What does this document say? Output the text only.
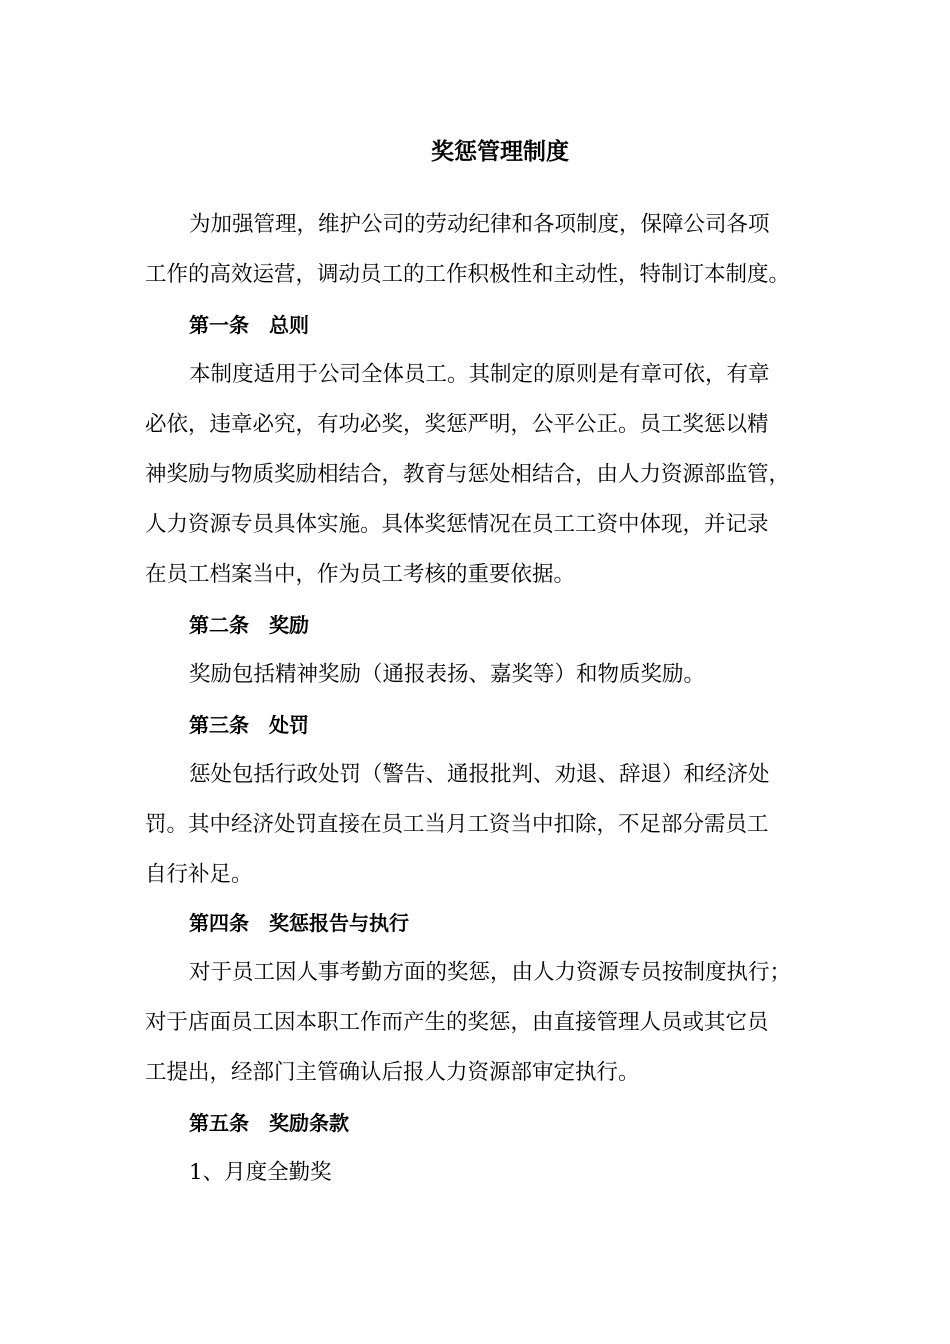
奖惩管理制度
为加强管理，维护公司的劳动纪律和各项制度，保障公司各项
工作的高效运营，调动员工的工作积极性和主动性，特制订本制度。
第一条　总则
本制度适用于公司全体员工。其制定的原则是有章可依，有章
必依，违章必究，有功必奖，奖惩严明，公平公正。员工奖惩以精
神奖励与物质奖励相结合，教育与惩处相结合，由人力资源部监管，
人力资源专员具体实施。具体奖惩情况在员工工资中体现，并记录
在员工档案当中，作为员工考核的重要依据。
第二条　奖励
奖励包括精神奖励（通报表扬、嘉奖等）和物质奖励。
第三条　处罚
惩处包括行政处罚（警告、通报批判、劝退、辞退）和经济处
罚。其中经济处罚直接在员工当月工资当中扣除，不足部分需员工
自行补足。
第四条　奖惩报告与执行
对于员工因人事考勤方面的奖惩，由人力资源专员按制度执行；
对于店面员工因本职工作而产生的奖惩，由直接管理人员或其它员
工提出，经部门主管确认后报人力资源部审定执行。
第五条　奖励条款
1、月度全勤奖
